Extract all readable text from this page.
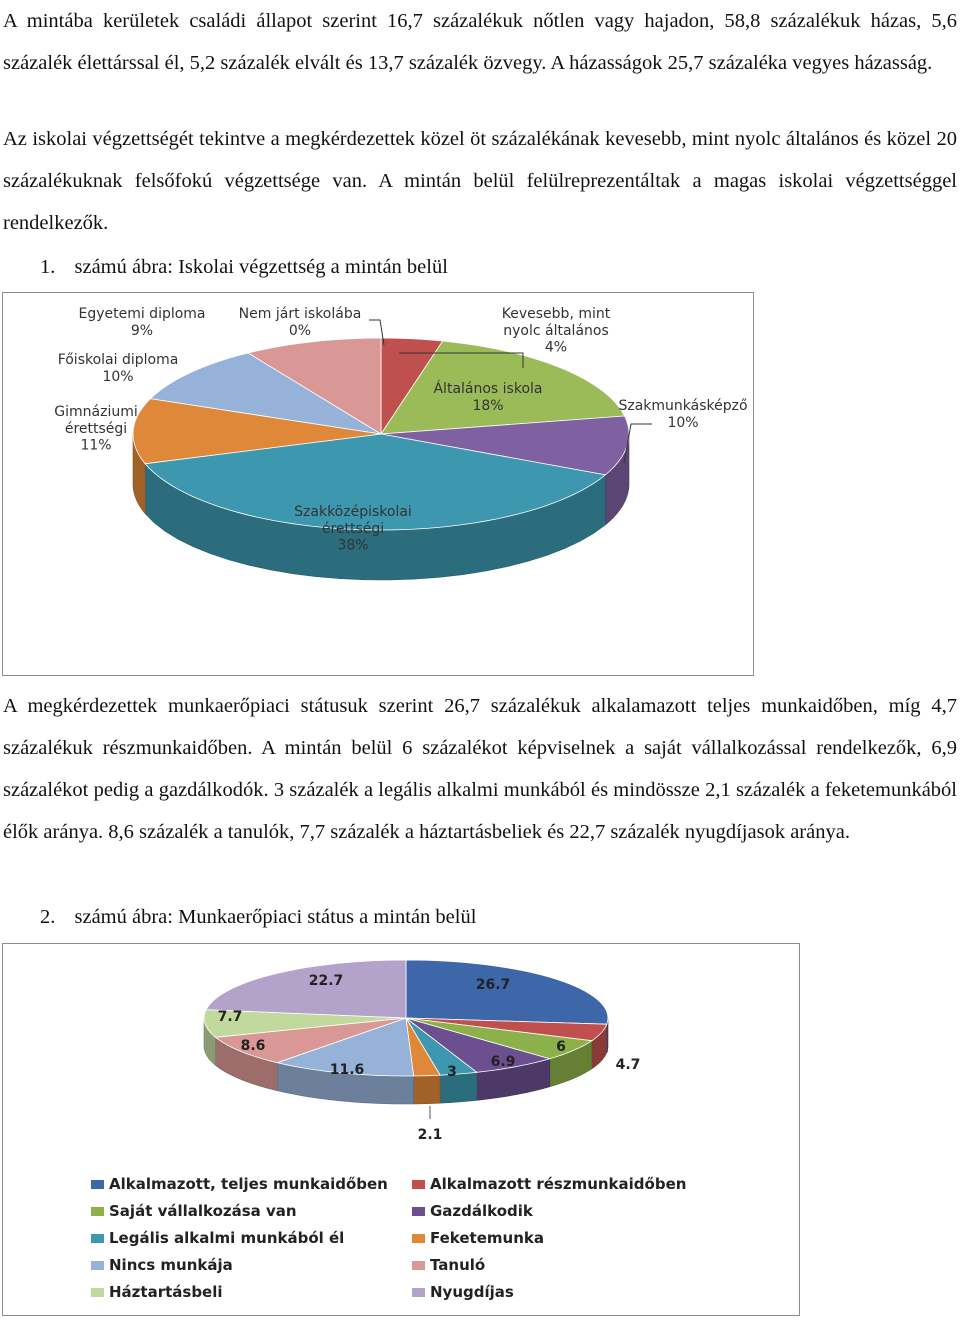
A mintába kerületek családi állapot szerint 16,7 százalékuk nőtlen vagy hajadon, 58,8 százalékuk házas, 5,6 százalék élettárssal él, 5,2 százalék elvált és 13,7 százalék özvegy. A házasságok 25,7 százaléka vegyes házasság.

Az iskolai végzettségét tekintve a megkérdezettek közel öt százalékának kevesebb, mint nyolc általános és közel 20 százalékuknak felsőfokú végzettsége van. A mintán belül felülreprezentáltak a magas iskolai végzettséggel rendelkezők.

1. számú ábra: Iskolai végzettség a mintán belül
Nem járt iskolába 0%
Kevesebb, mint nyolc általános 4%
Általános iskola 18%	Szakmunkásképző 10%
Szakközépiskolai érettségi 38%
Gimnáziumi érettségi 11%
Főiskolai diploma 10%
Egyetemi diploma 9%

A megkérdezettek munkaerőpiaci státusuk szerint 26,7 százalékuk alkalamazott teljes munkaidőben, míg 4,7 százalékuk részmunkaidőben. A mintán belül 6 százalékot képviselnek a saját vállalkozással rendelkezők, 6,9 százalékot pedig a gazdálkodók. 3 százalék a legális alkalmi munkából és mindössze 2,1 százalék a feketemunkából élők aránya. 8,6 százalék a tanulók, 7,7 százalék a háztartásbeliek és 22,7 százalék nyugdíjasok aránya.

2. számú ábra: Munkaerőpiaci státus a mintán belül
26.7
4.7
6
6.9
3
2.1
11.6
8.6
7.7
22.7
Alkalmazott, teljes munkaidőben	Alkalmazott részmunkaidőben
Saját vállalkozása van	Gazdálkodik
Legális alkalmi munkából él	Feketemunka
Nincs munkája	Tanuló
Háztartásbeli	Nyugdíjas
